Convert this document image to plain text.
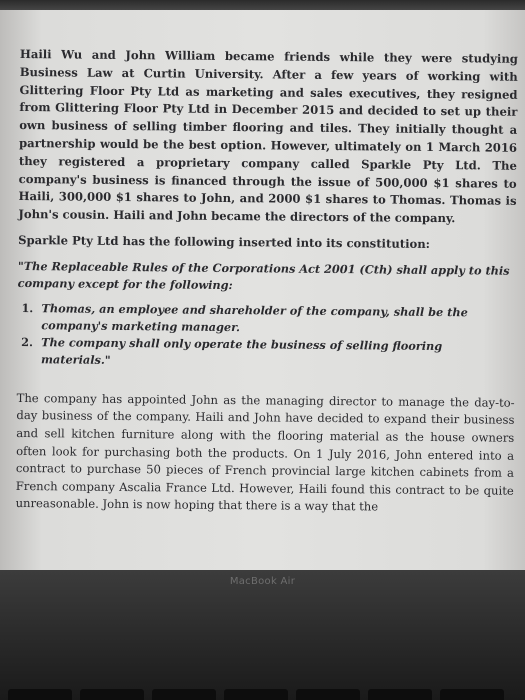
Haili Wu and John William became friends while they were studying Business Law at Curtin University. After a few years of working with Glittering Floor Pty Ltd as marketing and sales executives, they resigned from Glittering Floor Pty Ltd in December 2015 and decided to set up their own business of selling timber flooring and tiles. They initially thought a partnership would be the best option. However, ultimately on 1 March 2016 they registered a proprietary company called Sparkle Pty Ltd. The company's business is financed through the issue of 500,000 $1 shares to Haili, 300,000 $1 shares to John, and 2000 $1 shares to Thomas. Thomas is John's cousin. Haili and John became the directors of the company.

Sparkle Pty Ltd has the following inserted into its constitution:

"The Replaceable Rules of the Corporations Act 2001 (Cth) shall apply to this company except for the following:

1. Thomas, an employee and shareholder of the company, shall be the company's marketing manager.
2. The company shall only operate the business of selling flooring materials."

The company has appointed John as the managing director to manage the day-to-day business of the company. Haili and John have decided to expand their business and sell kitchen furniture along with the flooring material as the house owners often look for purchasing both the products. On 1 July 2016, John entered into a contract to purchase 50 pieces of French provincial large kitchen cabinets from a French company Ascalia France Ltd. However, Haili found this contract to be quite unreasonable. John is now hoping that there is a way that the

MacBook Air
